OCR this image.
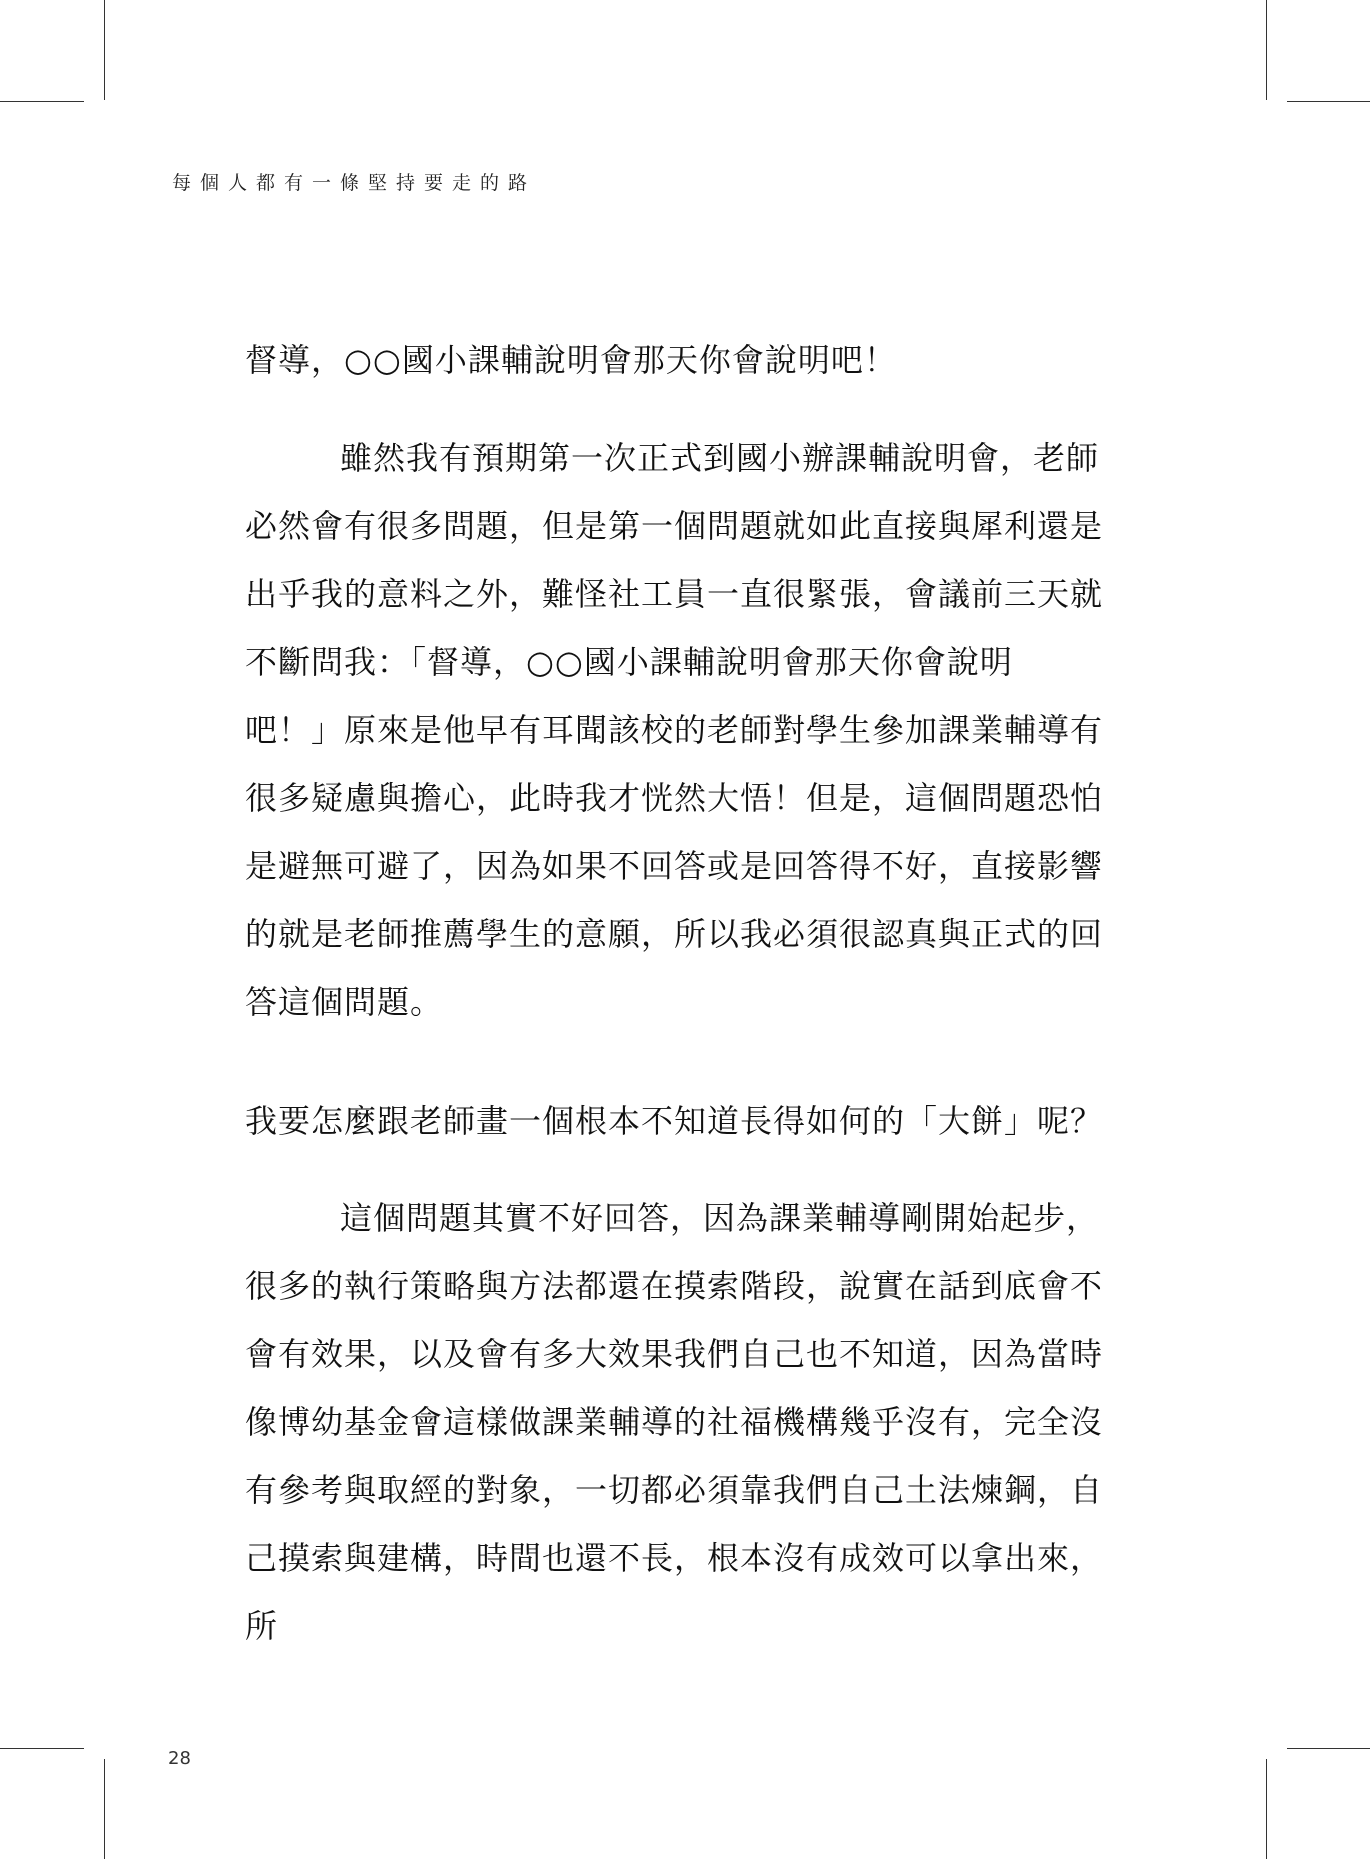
每個人都有一條堅持要走的路
督導，○○國小課輔說明會那天你會說明吧！
雖然我有預期第一次正式到國小辦課輔說明會，老師
必然會有很多問題，但是第一個問題就如此直接與犀利還是
出乎我的意料之外，難怪社工員一直很緊張，會議前三天就
不斷問我：「督導，○○國小課輔說明會那天你會說明
吧！」原來是他早有耳聞該校的老師對學生參加課業輔導有
很多疑慮與擔心，此時我才恍然大悟！但是，這個問題恐怕
是避無可避了，因為如果不回答或是回答得不好，直接影響
的就是老師推薦學生的意願，所以我必須很認真與正式的回
答這個問題。
我要怎麼跟老師畫一個根本不知道長得如何的「大餅」呢？
這個問題其實不好回答，因為課業輔導剛開始起步，
很多的執行策略與方法都還在摸索階段，說實在話到底會不
會有效果，以及會有多大效果我們自己也不知道，因為當時
像博幼基金會這樣做課業輔導的社福機構幾乎沒有，完全沒
有參考與取經的對象，一切都必須靠我們自己土法煉鋼，自
己摸索與建構，時間也還不長，根本沒有成效可以拿出來，
所
28
